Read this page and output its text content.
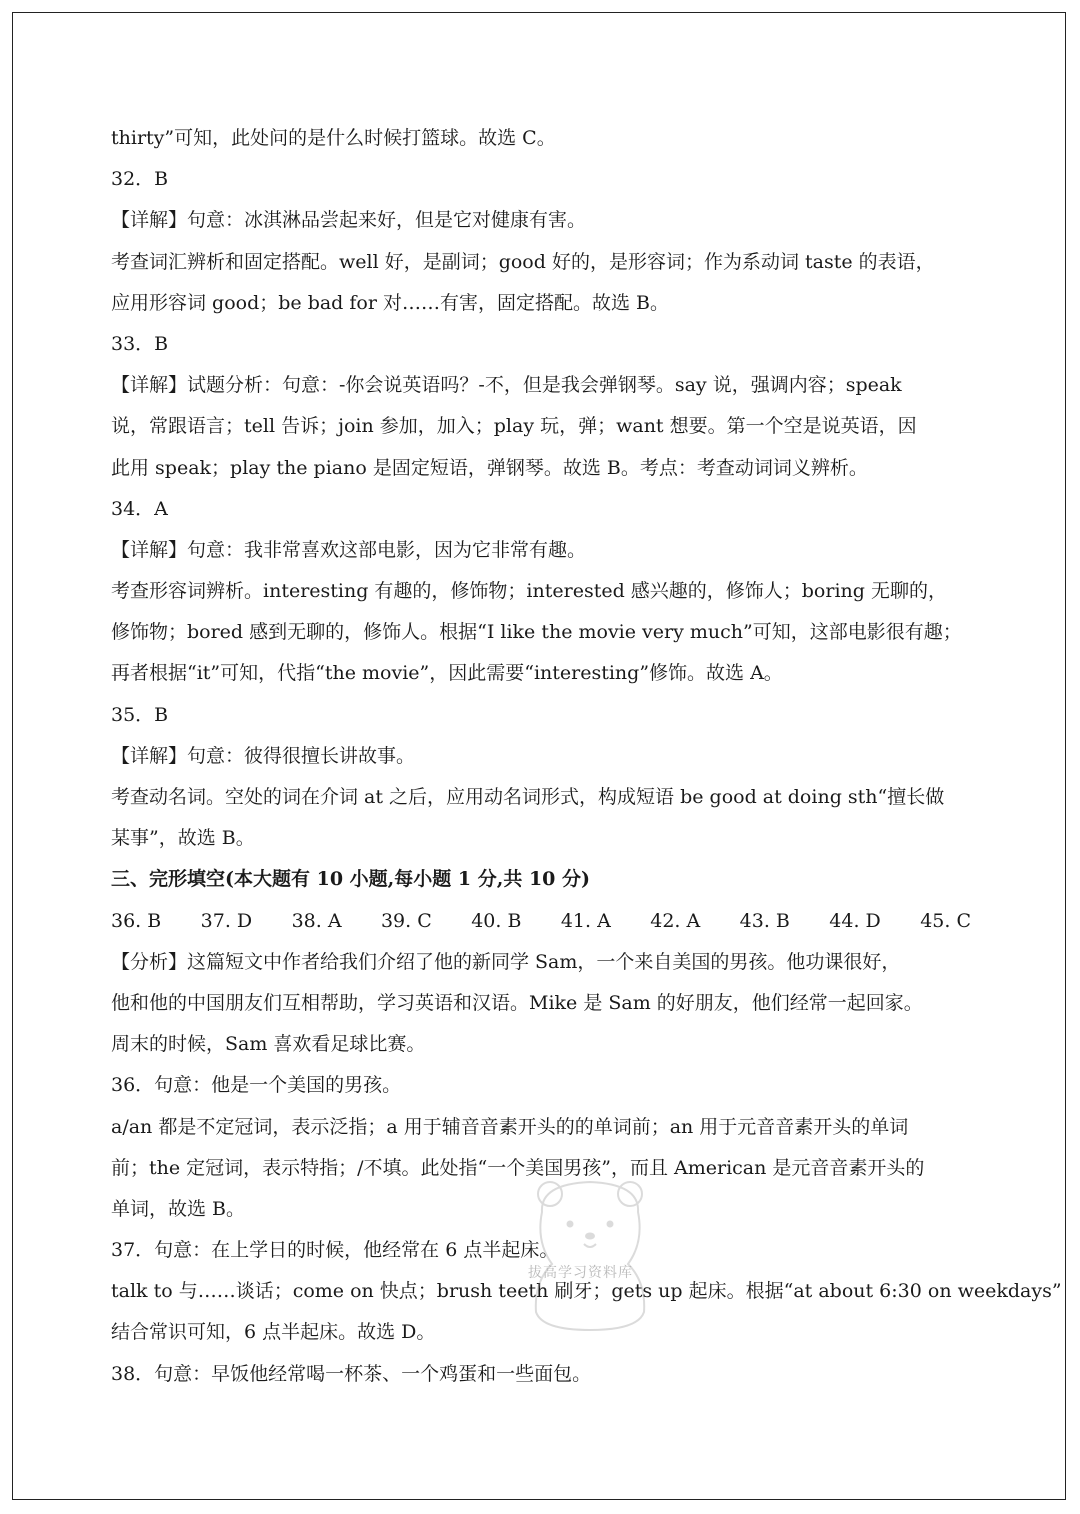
thirty”可知，此处问的是什么时候打篮球。故选 C。
32．B
【详解】句意：冰淇淋品尝起来好，但是它对健康有害。
考查词汇辨析和固定搭配。well 好，是副词；good 好的，是形容词；作为系动词 taste 的表语，
应用形容词 good；be bad for 对……有害，固定搭配。故选 B。
33．B
【详解】试题分析：句意：-你会说英语吗？-不，但是我会弹钢琴。say 说，强调内容；speak
说，常跟语言；tell 告诉；join 参加，加入；play 玩，弹；want 想要。第一个空是说英语，因
此用 speak；play the piano 是固定短语，弹钢琴。故选 B。考点：考查动词词义辨析。
34．A
【详解】句意：我非常喜欢这部电影，因为它非常有趣。
考查形容词辨析。interesting 有趣的，修饰物；interested 感兴趣的，修饰人；boring 无聊的，
修饰物；bored 感到无聊的，修饰人。根据“I like the movie very much”可知，这部电影很有趣；
再者根据“it”可知，代指“the movie”，因此需要“interesting”修饰。故选 A。
35．B
【详解】句意：彼得很擅长讲故事。
考查动名词。空处的词在介词 at 之后，应用动名词形式，构成短语 be good at doing sth“擅长做
某事”，故选 B。
三、完形填空(本大题有 10 小题,每小题 1 分,共 10 分)
36. B 37. D 38. A 39. C 40. B 41. A 42. A 43. B 44. D 45. C
【分析】这篇短文中作者给我们介绍了他的新同学 Sam，一个来自美国的男孩。他功课很好，
他和他的中国朋友们互相帮助，学习英语和汉语。Mike 是 Sam 的好朋友，他们经常一起回家。
周末的时候，Sam 喜欢看足球比赛。
36．句意：他是一个美国的男孩。
a/an 都是不定冠词，表示泛指；a 用于辅音音素开头的的单词前；an 用于元音音素开头的单词
前；the 定冠词，表示特指；/不填。此处指“一个美国男孩”，而且 American 是元音音素开头的
单词，故选 B。
37．句意：在上学日的时候，他经常在 6 点半起床。
talk to 与……谈话；come on 快点；brush teeth 刷牙；gets up 起床。根据“at about 6:30 on weekdays”
结合常识可知，6 点半起床。故选 D。
38．句意：早饭他经常喝一杯茶、一个鸡蛋和一些面包。
拔高学习资料库
